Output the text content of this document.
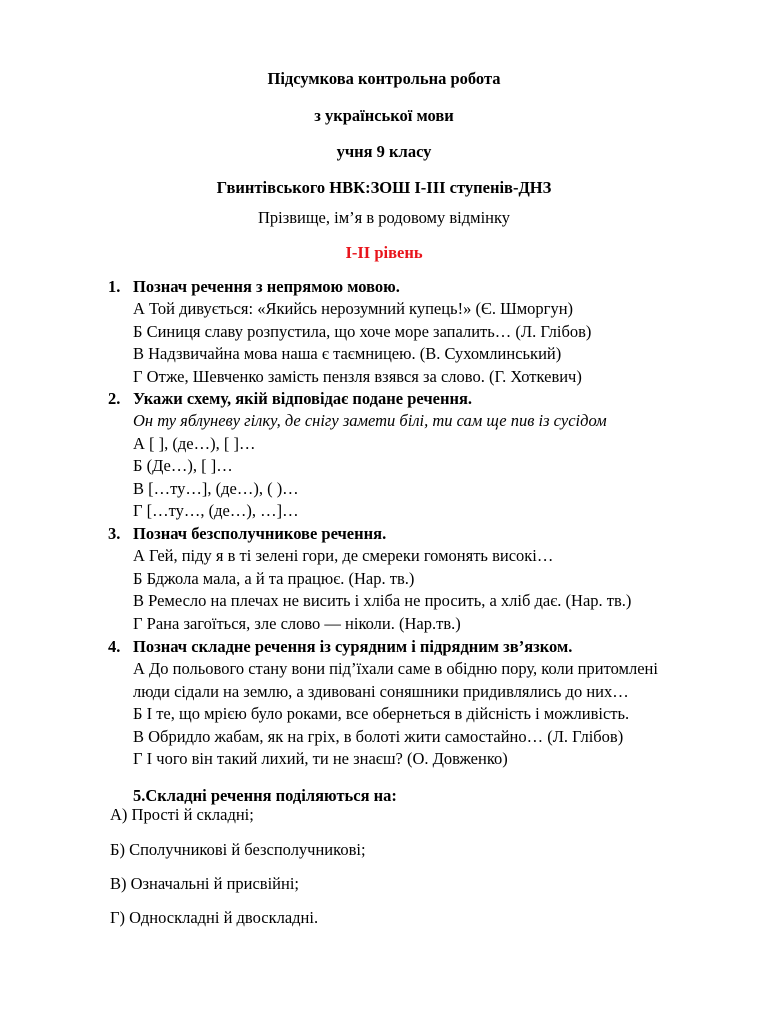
Підсумкова контрольна робота
з української мови
учня 9 класу
Гвинтівського НВК:ЗОШ І-ІІІ ступенів-ДНЗ
Прізвище, ім’я в родовому відмінку
І-ІІ рівень
1. Познач речення з непрямою мовою.
А Той дивується: «Якийсь нерозумний купець!» (Є. Шморгун)
Б Синиця славу розпустила, що хоче море запалить… (Л. Глібов)
В Надзвичайна мова наша є таємницею. (В. Сухомлинський)
Г Отже, Шевченко замість пензля взявся за слово. (Г. Хоткевич)
2. Укажи схему, якій відповідає подане речення.
Он ту яблуневу гілку, де снігу замети білі, ти сам ще пив із сусідом
А [ ], (де…), [ ]…
Б (Де…), [ ]…
В […ту…], (де…), ( )…
Г […ту…, (де…), …]…
3. Познач безсполучникове речення.
А Гей, піду я в ті зелені гори, де смереки гомонять високі…
Б Бджола мала, а й та працює. (Нар. тв.)
В Ремесло на плечах не висить і хліба не просить, а хліб дає. (Нар. тв.)
Г Рана загоїться, зле слово — ніколи. (Нар.тв.)
4. Познач складне речення із сурядним і підрядним зв’язком.
А До польового стану вони під’їхали саме в обідню пору, коли притомлені люди сідали на землю, а здивовані соняшники придивлялись до них…
Б І те, що мрією було роками, все обернеться в дійсність і можливість.
В Обридло жабам, як на гріх, в болоті жити самостайно… (Л. Глібов)
Г І чого він такий лихий, ти не знаєш? (О. Довженко)
5.Складні речення поділяються на:
А) Прості й складні;
Б) Сполучникові й безсполучникові;
В) Означальні й присвійні;
Г) Односкладні й двоскладні.
